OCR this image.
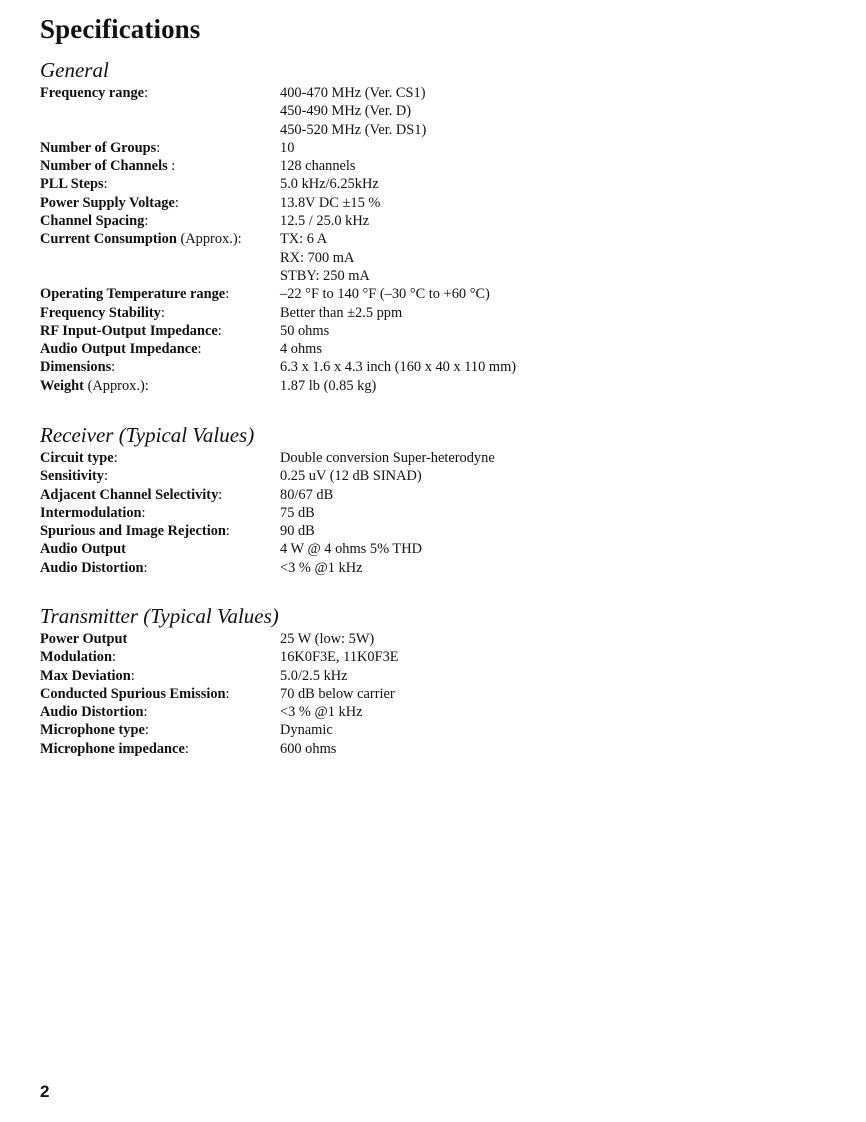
Specifications
General
Frequency range:	400-470 MHz (Ver. CS1)
450-490 MHz (Ver. D)
450-520 MHz (Ver. DS1)
Number of Groups:	10
Number of Channels :	128 channels
PLL Steps:	5.0 kHz/6.25kHz
Power Supply Voltage:	13.8V DC ±15 %
Channel Spacing:	12.5 / 25.0 kHz
Current Consumption (Approx.):	TX: 6 A
RX: 700 mA
STBY: 250 mA
Operating Temperature range:	–22 °F to 140 °F (–30 °C to +60 °C)
Frequency Stability:	Better than ±2.5 ppm
RF Input-Output Impedance:	50 ohms
Audio Output Impedance:	4 ohms
Dimensions:	6.3 x 1.6 x 4.3 inch (160 x 40 x 110 mm)
Weight (Approx.):	1.87 lb (0.85 kg)
Receiver (Typical Values)
Circuit type:	Double conversion Super-heterodyne
Sensitivity:	0.25 uV (12 dB SINAD)
Adjacent Channel Selectivity:	80/67 dB
Intermodulation:	75 dB
Spurious and Image Rejection:	90 dB
Audio Output	4 W @ 4 ohms 5% THD
Audio Distortion:	<3 % @1 kHz
Transmitter (Typical Values)
Power Output	25 W (low: 5W)
Modulation:	16K0F3E, 11K0F3E
Max Deviation:	5.0/2.5 kHz
Conducted Spurious Emission:	70 dB below carrier
Audio Distortion:	<3 % @1 kHz
Microphone type:	Dynamic
Microphone impedance:	600 ohms
2
